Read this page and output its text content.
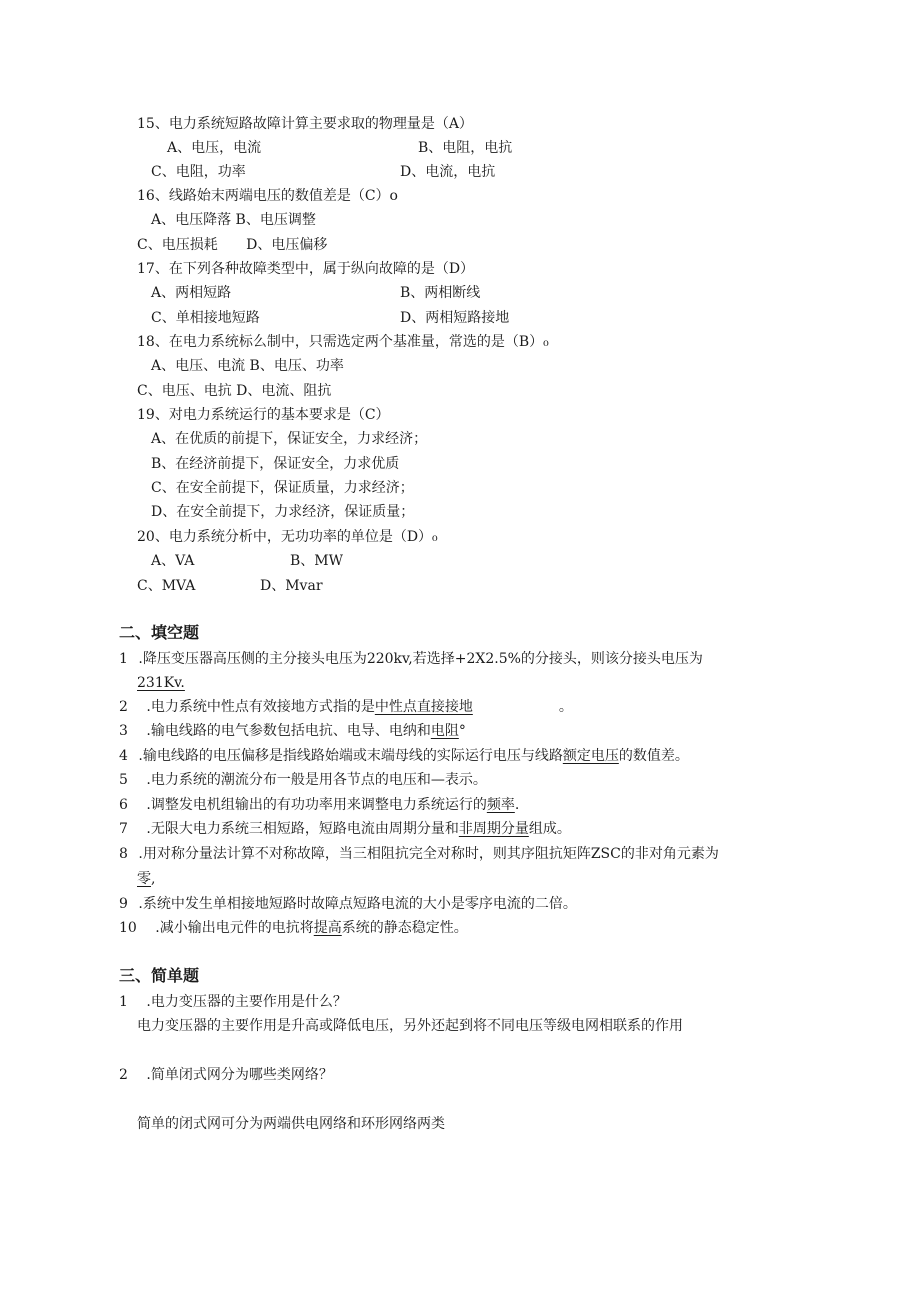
15、电力系统短路故障计算主要求取的物理量是（A）
A、电压，电流	B、电阻，电抗
C、电阻，功率	D、电流，电抗
16、线路始末两端电压的数值差是（C）o
A、电压降落 B、电压调整
C、电压损耗 D、电压偏移
17、在下列各种故障类型中，属于纵向故障的是（D）
A、两相短路	B、两相断线
C、单相接地短路	D、两相短路接地
18、在电力系统标么制中，只需选定两个基准量，常选的是（B）₀
A、电压、电流 B、电压、功率
C、电压、电抗 D、电流、阻抗
19、对电力系统运行的基本要求是（C）
A、在优质的前提下，保证安全，力求经济；
B、在经济前提下，保证安全，力求优质
C、在安全前提下，保证质量，力求经济；
D、在安全前提下，力求经济，保证质量；
20、电力系统分析中，无功功率的单位是（D）₀
A、VA	B、MW
C、MVA	D、Mvar
二、填空题
1 .降压变压器高压侧的主分接头电压为220kv,若选择+2X2.5%的分接头，则该分接头电压为
231Kv.
2 .电力系统中性点有效接地方式指的是中性点直接接地	。
3 .输电线路的电气参数包括电抗、电导、电纳和电阻°
4 .输电线路的电压偏移是指线路始端或末端母线的实际运行电压与线路额定电压的数值差。
5 .电力系统的潮流分布一般是用各节点的电压和—表示。
6 .调整发电机组输出的有功功率用来调整电力系统运行的频率.
7 .无限大电力系统三相短路，短路电流由周期分量和非周期分量组成。
8 .用对称分量法计算不对称故障，当三相阻抗完全对称时，则其序阻抗矩阵ZSC的非对角元素为
零,
9 .系统中发生单相接地短路时故障点短路电流的大小是零序电流的二倍。
10 .减小输出电元件的电抗将提高系统的静态稳定性。
三、简单题
1 .电力变压器的主要作用是什么？
电力变压器的主要作用是升高或降低电压，另外还起到将不同电压等级电网相联系的作用
2 .简单闭式网分为哪些类网络？
简单的闭式网可分为两端供电网络和环形网络两类
